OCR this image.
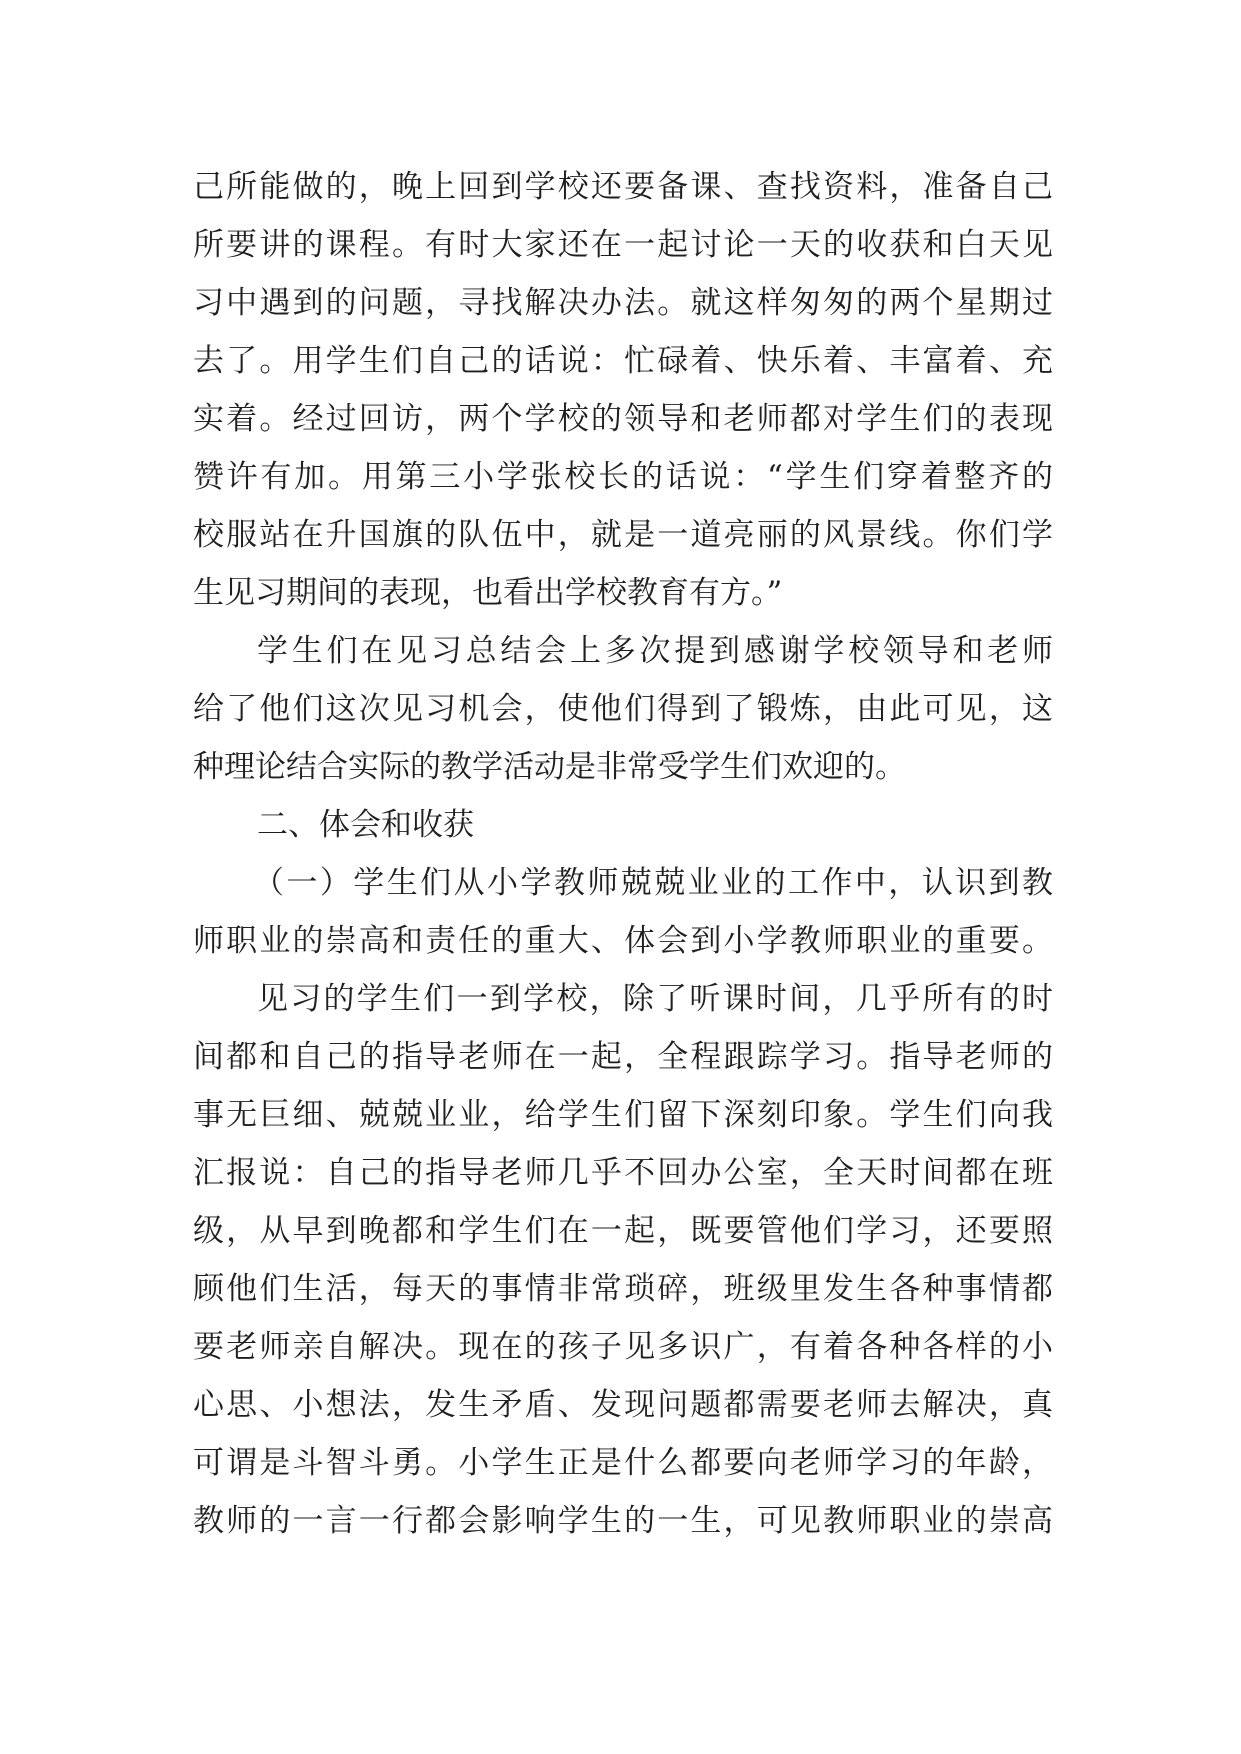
己所能做的，晚上回到学校还要备课、查找资料，准备自己
所要讲的课程。有时大家还在一起讨论一天的收获和白天见
习中遇到的问题，寻找解决办法。就这样匆匆的两个星期过
去了。用学生们自己的话说：忙碌着、快乐着、丰富着、充
实着。经过回访，两个学校的领导和老师都对学生们的表现
赞许有加。用第三小学张校长的话说：“学生们穿着整齐的
校服站在升国旗的队伍中，就是一道亮丽的风景线。你们学
生见习期间的表现，也看出学校教育有方。”
学生们在见习总结会上多次提到感谢学校领导和老师
给了他们这次见习机会，使他们得到了锻炼，由此可见，这
种理论结合实际的教学活动是非常受学生们欢迎的。
二、体会和收获
（一）学生们从小学教师兢兢业业的工作中，认识到教
师职业的崇高和责任的重大、体会到小学教师职业的重要。
见习的学生们一到学校，除了听课时间，几乎所有的时
间都和自己的指导老师在一起，全程跟踪学习。指导老师的
事无巨细、兢兢业业，给学生们留下深刻印象。学生们向我
汇报说：自己的指导老师几乎不回办公室，全天时间都在班
级，从早到晚都和学生们在一起，既要管他们学习，还要照
顾他们生活，每天的事情非常琐碎，班级里发生各种事情都
要老师亲自解决。现在的孩子见多识广，有着各种各样的小
心思、小想法，发生矛盾、发现问题都需要老师去解决，真
可谓是斗智斗勇。小学生正是什么都要向老师学习的年龄，
教师的一言一行都会影响学生的一生，可见教师职业的崇高
